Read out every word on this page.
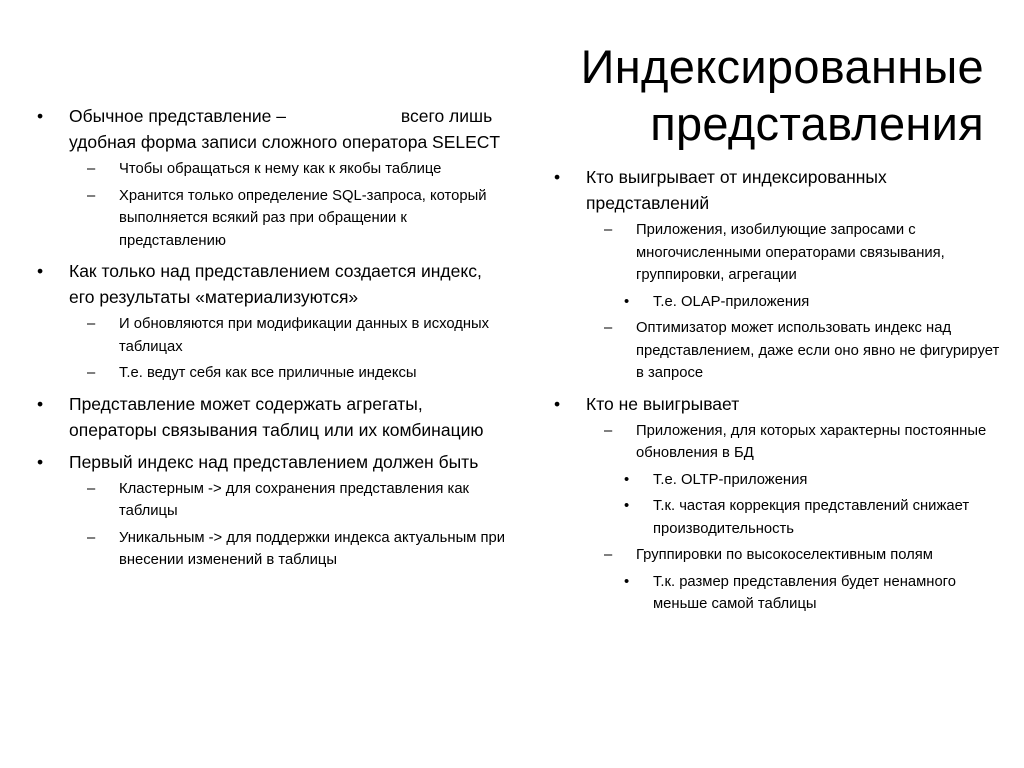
Индексированные
представления
• Обычное представление –	всего лишь удобная форма записи сложного оператора SELECT
– Чтобы обращаться к нему как к якобы таблице
– Хранится только определение SQL-запроса, который выполняется всякий раз при обращении к представлению
• Как только над представлением создается индекс, его результаты «материализуются»
– И обновляются при модификации данных в исходных таблицах
– Т.е. ведут себя как все приличные индексы
• Представление может содержать агрегаты, операторы связывания таблиц или их комбинацию
• Первый индекс над представлением должен быть
– Кластерным -> для сохранения представления как таблицы
– Уникальным -> для поддержки индекса актуальным при внесении изменений в таблицы
• Кто выигрывает от индексированных представлений
– Приложения, изобилующие запросами с многочисленными операторами связывания, группировки, агрегации
• Т.е. OLAP-приложения
– Оптимизатор может использовать индекс над представлением, даже если оно явно не фигурирует в запросе
• Кто не выигрывает
– Приложения, для которых характерны постоянные обновления в БД
• Т.е. OLTP-приложения
• Т.к. частая коррекция представлений снижает производительность
– Группировки по высокоселективным полям
• Т.к. размер представления будет ненамного меньше самой таблицы
